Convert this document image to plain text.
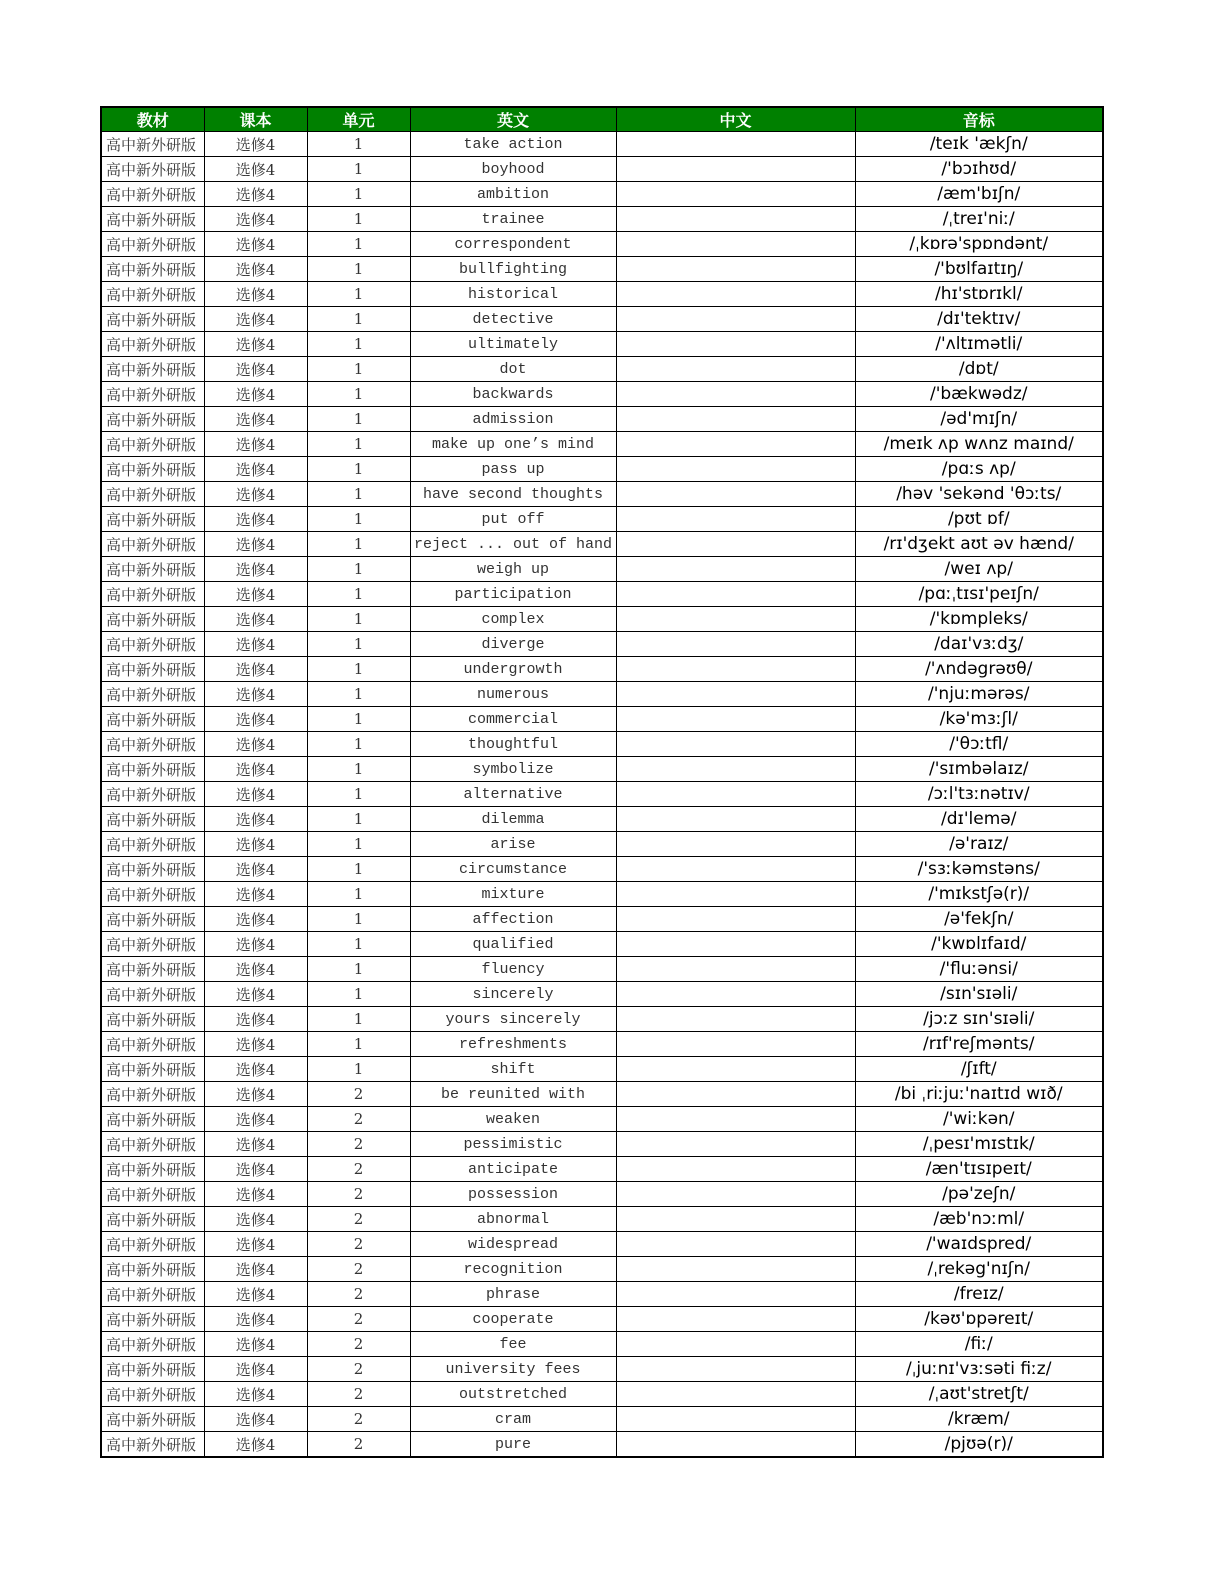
教材	课本	单元	英文	中文	音标
高中新外研版	选修4	1	take action		/teɪk 'ækʃn/
高中新外研版	选修4	1	boyhood		/'bɔɪhʊd/
高中新外研版	选修4	1	ambition		/æm'bɪʃn/
高中新外研版	选修4	1	trainee		/ˌtreɪ'niː/
高中新外研版	选修4	1	correspondent		/ˌkɒrə'spɒndənt/
高中新外研版	选修4	1	bullfighting		/'bʊlfaɪtɪŋ/
高中新外研版	选修4	1	historical		/hɪ'stɒrɪkl/
高中新外研版	选修4	1	detective		/dɪ'tektɪv/
高中新外研版	选修4	1	ultimately		/'ʌltɪmətli/
高中新外研版	选修4	1	dot		/dɒt/
高中新外研版	选修4	1	backwards		/'bækwədz/
高中新外研版	选修4	1	admission		/əd'mɪʃn/
高中新外研版	选修4	1	make up one’s mind		/meɪk ʌp wʌnz maɪnd/
高中新外研版	选修4	1	pass up		/pɑːs ʌp/
高中新外研版	选修4	1	have second thoughts		/həv 'sekənd 'θɔːts/
高中新外研版	选修4	1	put off		/pʊt ɒf/
高中新外研版	选修4	1	reject ... out of hand		/rɪ'dʒekt aʊt əv hænd/
高中新外研版	选修4	1	weigh up		/weɪ ʌp/
高中新外研版	选修4	1	participation		/pɑːˌtɪsɪ'peɪʃn/
高中新外研版	选修4	1	complex		/'kɒmpleks/
高中新外研版	选修4	1	diverge		/daɪ'vɜːdʒ/
高中新外研版	选修4	1	undergrowth		/'ʌndəgrəʊθ/
高中新外研版	选修4	1	numerous		/'njuːmərəs/
高中新外研版	选修4	1	commercial		/kə'mɜːʃl/
高中新外研版	选修4	1	thoughtful		/'θɔːtfl/
高中新外研版	选修4	1	symbolize		/'sɪmbəlaɪz/
高中新外研版	选修4	1	alternative		/ɔːl'tɜːnətɪv/
高中新外研版	选修4	1	dilemma		/dɪ'lemə/
高中新外研版	选修4	1	arise		/ə'raɪz/
高中新外研版	选修4	1	circumstance		/'sɜːkəmstəns/
高中新外研版	选修4	1	mixture		/'mɪkstʃə(r)/
高中新外研版	选修4	1	affection		/ə'fekʃn/
高中新外研版	选修4	1	qualified		/'kwɒlɪfaɪd/
高中新外研版	选修4	1	fluency		/'fluːənsi/
高中新外研版	选修4	1	sincerely		/sɪn'sɪəli/
高中新外研版	选修4	1	yours sincerely		/jɔːz sɪn'sɪəli/
高中新外研版	选修4	1	refreshments		/rɪf'reʃmənts/
高中新外研版	选修4	1	shift		/ʃɪft/
高中新外研版	选修4	2	be reunited with		/bi ˌriːjuː'naɪtɪd wɪð/
高中新外研版	选修4	2	weaken		/'wiːkən/
高中新外研版	选修4	2	pessimistic		/ˌpesɪ'mɪstɪk/
高中新外研版	选修4	2	anticipate		/æn'tɪsɪpeɪt/
高中新外研版	选修4	2	possession		/pə'zeʃn/
高中新外研版	选修4	2	abnormal		/æb'nɔːml/
高中新外研版	选修4	2	widespread		/'waɪdspred/
高中新外研版	选修4	2	recognition		/ˌrekəg'nɪʃn/
高中新外研版	选修4	2	phrase		/freɪz/
高中新外研版	选修4	2	cooperate		/kəʊ'ɒpəreɪt/
高中新外研版	选修4	2	fee		/fiː/
高中新外研版	选修4	2	university fees		/ˌjuːnɪ'vɜːsəti fiːz/
高中新外研版	选修4	2	outstretched		/ˌaʊt'stretʃt/
高中新外研版	选修4	2	cram		/kræm/
高中新外研版	选修4	2	pure		/pjʊə(r)/
